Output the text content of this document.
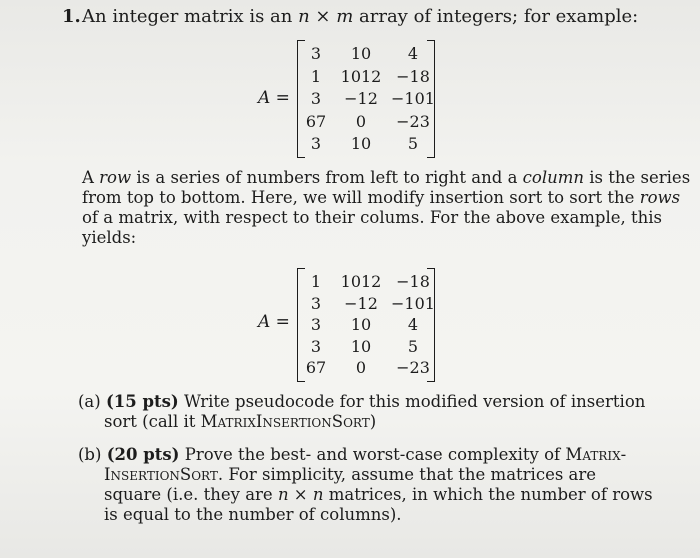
1. An integer matrix is an n × m array of integers; for example:
A =
3	10	4
1	1012 −18
3	−12 −101
67	0	−23
3	10	5

A row is a series of numbers from left to right and a column is the series

from top to bottom. Here, we will modify insertion sort to sort the rows

of a matrix, with respect to their colums. For the above example, this

yields:

A =
1	1012 −18
3	−12 −101
3	10	4
3	10	5
67	0	−23

(a) (15 pts) Write pseudocode for this modified version of insertion

sort (call it MatrixInsertionSort)

(b) (20 pts) Prove the best- and worst-case complexity of Matrix-

InsertionSort. For simplicity, assume that the matrices are

square (i.e. they are n × n matrices, in which the number of rows

is equal to the number of columns).
